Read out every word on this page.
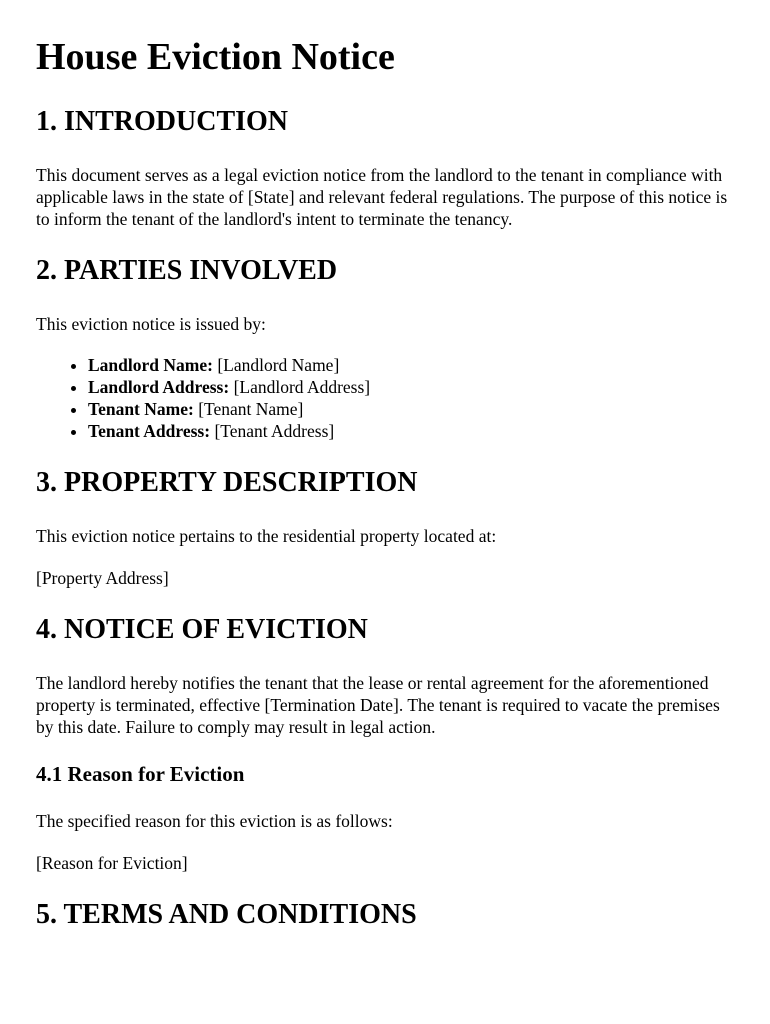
House Eviction Notice
1. INTRODUCTION

This document serves as a legal eviction notice from the landlord to the tenant in compliance with applicable laws in the state of [State] and relevant federal regulations. The purpose of this notice is to inform the tenant of the landlord's intent to terminate the tenancy.

2. PARTIES INVOLVED

This eviction notice is issued by:

• Landlord Name: [Landlord Name]
• Landlord Address: [Landlord Address]
• Tenant Name: [Tenant Name]
• Tenant Address: [Tenant Address]
3. PROPERTY DESCRIPTION

This eviction notice pertains to the residential property located at:

[Property Address]

4. NOTICE OF EVICTION

The landlord hereby notifies the tenant that the lease or rental agreement for the aforementioned property is terminated, effective [Termination Date]. The tenant is required to vacate the premises by this date. Failure to comply may result in legal action.

4.1 Reason for Eviction

The specified reason for this eviction is as follows:

[Reason for Eviction]

5. TERMS AND CONDITIONS
